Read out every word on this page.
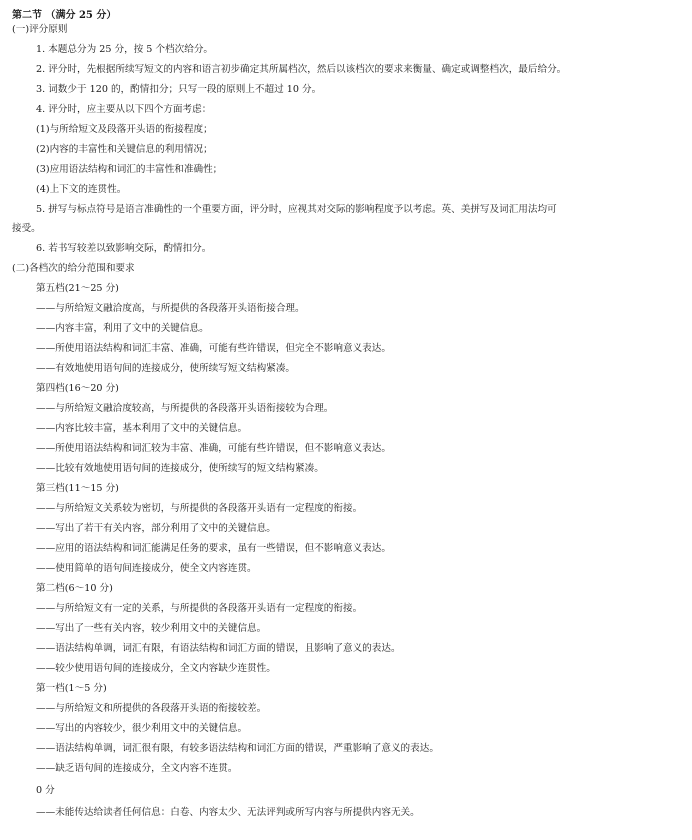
第二节 （满分 25 分）
(一)评分原则
1. 本题总分为 25 分，按 5 个档次给分。
2. 评分时，先根据所续写短文的内容和语言初步确定其所属档次，然后以该档次的要求来衡量、确定或调整档次，最后给分。
3. 词数少于 120 的，酌情扣分；只写一段的原则上不超过 10 分。
4. 评分时，应主要从以下四个方面考虑：
(1)与所给短文及段落开头语的衔接程度；
(2)内容的丰富性和关键信息的利用情况；
(3)应用语法结构和词汇的丰富性和准确性；
(4)上下文的连贯性。
5. 拼写与标点符号是语言准确性的一个重要方面，评分时，应视其对交际的影响程度予以考虑。英、美拼写及词汇用法均可
接受。
6. 若书写较差以致影响交际，酌情扣分。
(二)各档次的给分范围和要求
第五档(21～25 分)
——与所给短文融洽度高，与所提供的各段落开头语衔接合理。
——内容丰富，利用了文中的关键信息。
——所使用语法结构和词汇丰富、准确，可能有些许错误，但完全不影响意义表达。
——有效地使用语句间的连接成分，使所续写短文结构紧凑。
第四档(16～20 分)
——与所给短文融洽度较高，与所提供的各段落开头语衔接较为合理。
——内容比较丰富，基本利用了文中的关键信息。
——所使用语法结构和词汇较为丰富、准确，可能有些许错误，但不影响意义表达。
——比较有效地使用语句间的连接成分，使所续写的短文结构紧凑。
第三档(11～15 分)
——与所给短文关系较为密切，与所提供的各段落开头语有一定程度的衔接。
——写出了若干有关内容，部分利用了文中的关键信息。
——应用的语法结构和词汇能满足任务的要求，虽有一些错误，但不影响意义表达。
——使用简单的语句间连接成分，使全文内容连贯。
第二档(6～10 分)
——与所给短文有一定的关系，与所提供的各段落开头语有一定程度的衔接。
——写出了一些有关内容，较少利用文中的关键信息。
——语法结构单调，词汇有限，有语法结构和词汇方面的错误，且影响了意义的表达。
——较少使用语句间的连接成分，全文内容缺少连贯性。
第一档(1～5 分)
——与所给短文和所提供的各段落开头语的衔接较差。
——写出的内容较少，很少利用文中的关键信息。
——语法结构单调，词汇很有限，有较多语法结构和词汇方面的错误，严重影响了意义的表达。
——缺乏语句间的连接成分，全文内容不连贯。
0 分
——未能传达给读者任何信息：白卷、内容太少、无法评判或所写内容与所提供内容无关。
